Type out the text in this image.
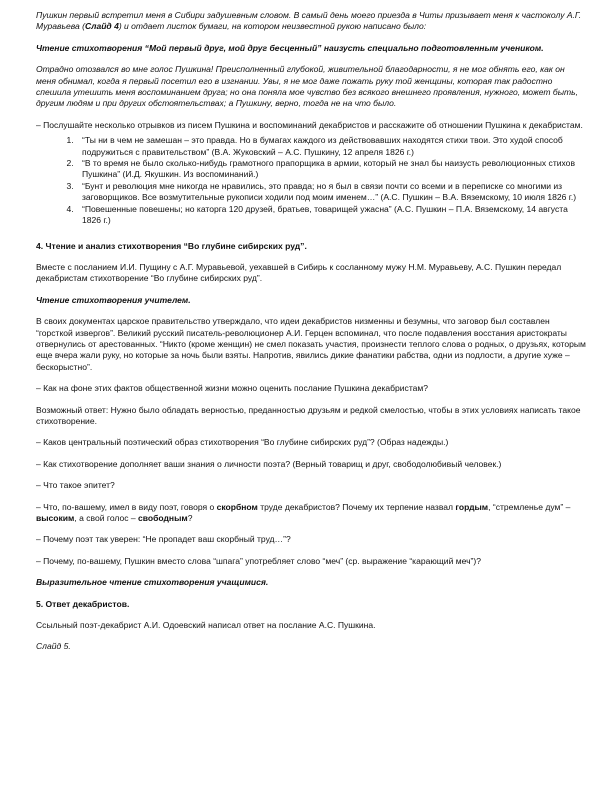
Пушкин первый встретил меня в Сибири задушевным словом. В самый день моего приезда в Читы призывает меня к частоколу А.Г. Муравьева (Слайд 4) и отдает листок бумаги, на котором неизвестной рукою написано было:

Чтение стихотворения “Мой первый друг, мой друг бесценный” наизусть специально подготовленным учеником.

Отрадно отозвался во мне голос Пушкина! Преисполненный глубокой, живительной благодарности, я не мог обнять его, как он меня обнимал, когда я первый посетил его в изгнании. Увы, я не мог даже пожать руку той женщины, которая так радостно спешила утешить меня воспоминанием друга; но она поняла мое чувство без всякого внешнего проявления, нужного, может быть, другим людям и при других обстоятельствах; а Пушкину, верно, тогда не на что было.

– Послушайте несколько отрывков из писем Пушкина и воспоминаний декабристов и расскажите об отношении Пушкина к декабристам.

1. “Ты ни в чем не замешан – это правда. Но в бумагах каждого из действовавших находятся стихи твои. Это худой способ подружиться с правительством” (В.А. Жуковский – А.С. Пушкину, 12 апреля 1826 г.)
2. “В то время не было сколько-нибудь грамотного прапорщика в армии, который не знал бы наизусть революционных стихов Пушкина” (И.Д. Якушкин. Из воспоминаний.)
3. “Бунт и революция мне никогда не нравились, это правда; но я был в связи почти со всеми и в переписке со многими из заговорщиков. Все возмутительные рукописи ходили под моим именем…” (А.С. Пушкин – В.А. Вяземскому, 10 июля 1826 г.)
4. “Повешенные повешены; но каторга 120 друзей, братьев, товарищей ужасна” (А.С. Пушкин – П.А. Вяземскому, 14 августа 1826 г.)

4. Чтение и анализ стихотворения “Во глубине сибирских руд”.

Вместе с посланием И.И. Пущину с А.Г. Муравьевой, уехавшей в Сибирь к сосланному мужу Н.М. Муравьеву, А.С. Пушкин передал декабристам стихотворение “Во глубине сибирских руд”.

Чтение стихотворения учителем.

В своих документах царское правительство утверждало, что идеи декабристов низменны и безумны, что заговор был составлен “горсткой извергов”. Великий русский писатель-революционер А.И. Герцен вспоминал, что после подавления восстания аристократы отвернулись от арестованных. “Никто (кроме женщин) не смел показать участия, произнести теплого слова о родных, о друзьях, которым еще вчера жали руку, но которые за ночь были взяты. Напротив, явились дикие фанатики рабства, одни из подлости, а другие хуже – бескорыстно”.

– Как на фоне этих фактов общественной жизни можно оценить послание Пушкина декабристам?

Возможный ответ: Нужно было обладать верностью, преданностью друзьям и редкой смелостью, чтобы в этих условиях написать такое стихотворение.

– Каков центральный поэтический образ стихотворения “Во глубине сибирских руд”? (Образ надежды.)

– Как стихотворение дополняет ваши знания о личности поэта? (Верный товарищ и друг, свободолюбивый человек.)

– Что такое эпитет?

– Что, по-вашему, имел в виду поэт, говоря о скорбном труде декабристов? Почему их терпение назвал гордым, “стремленье дум” – высоким, а свой голос – свободным?

– Почему поэт так уверен: “Не пропадет ваш скорбный труд…”?

– Почему, по-вашему, Пушкин вместо слова “шпага” употребляет слово “меч” (ср. выражение “карающий меч”)?

Выразительное чтение стихотворения учащимися.

5. Ответ декабристов.

Ссыльный поэт-декабрист А.И. Одоевский написал ответ на послание А.С. Пушкина.

Слайд 5.
